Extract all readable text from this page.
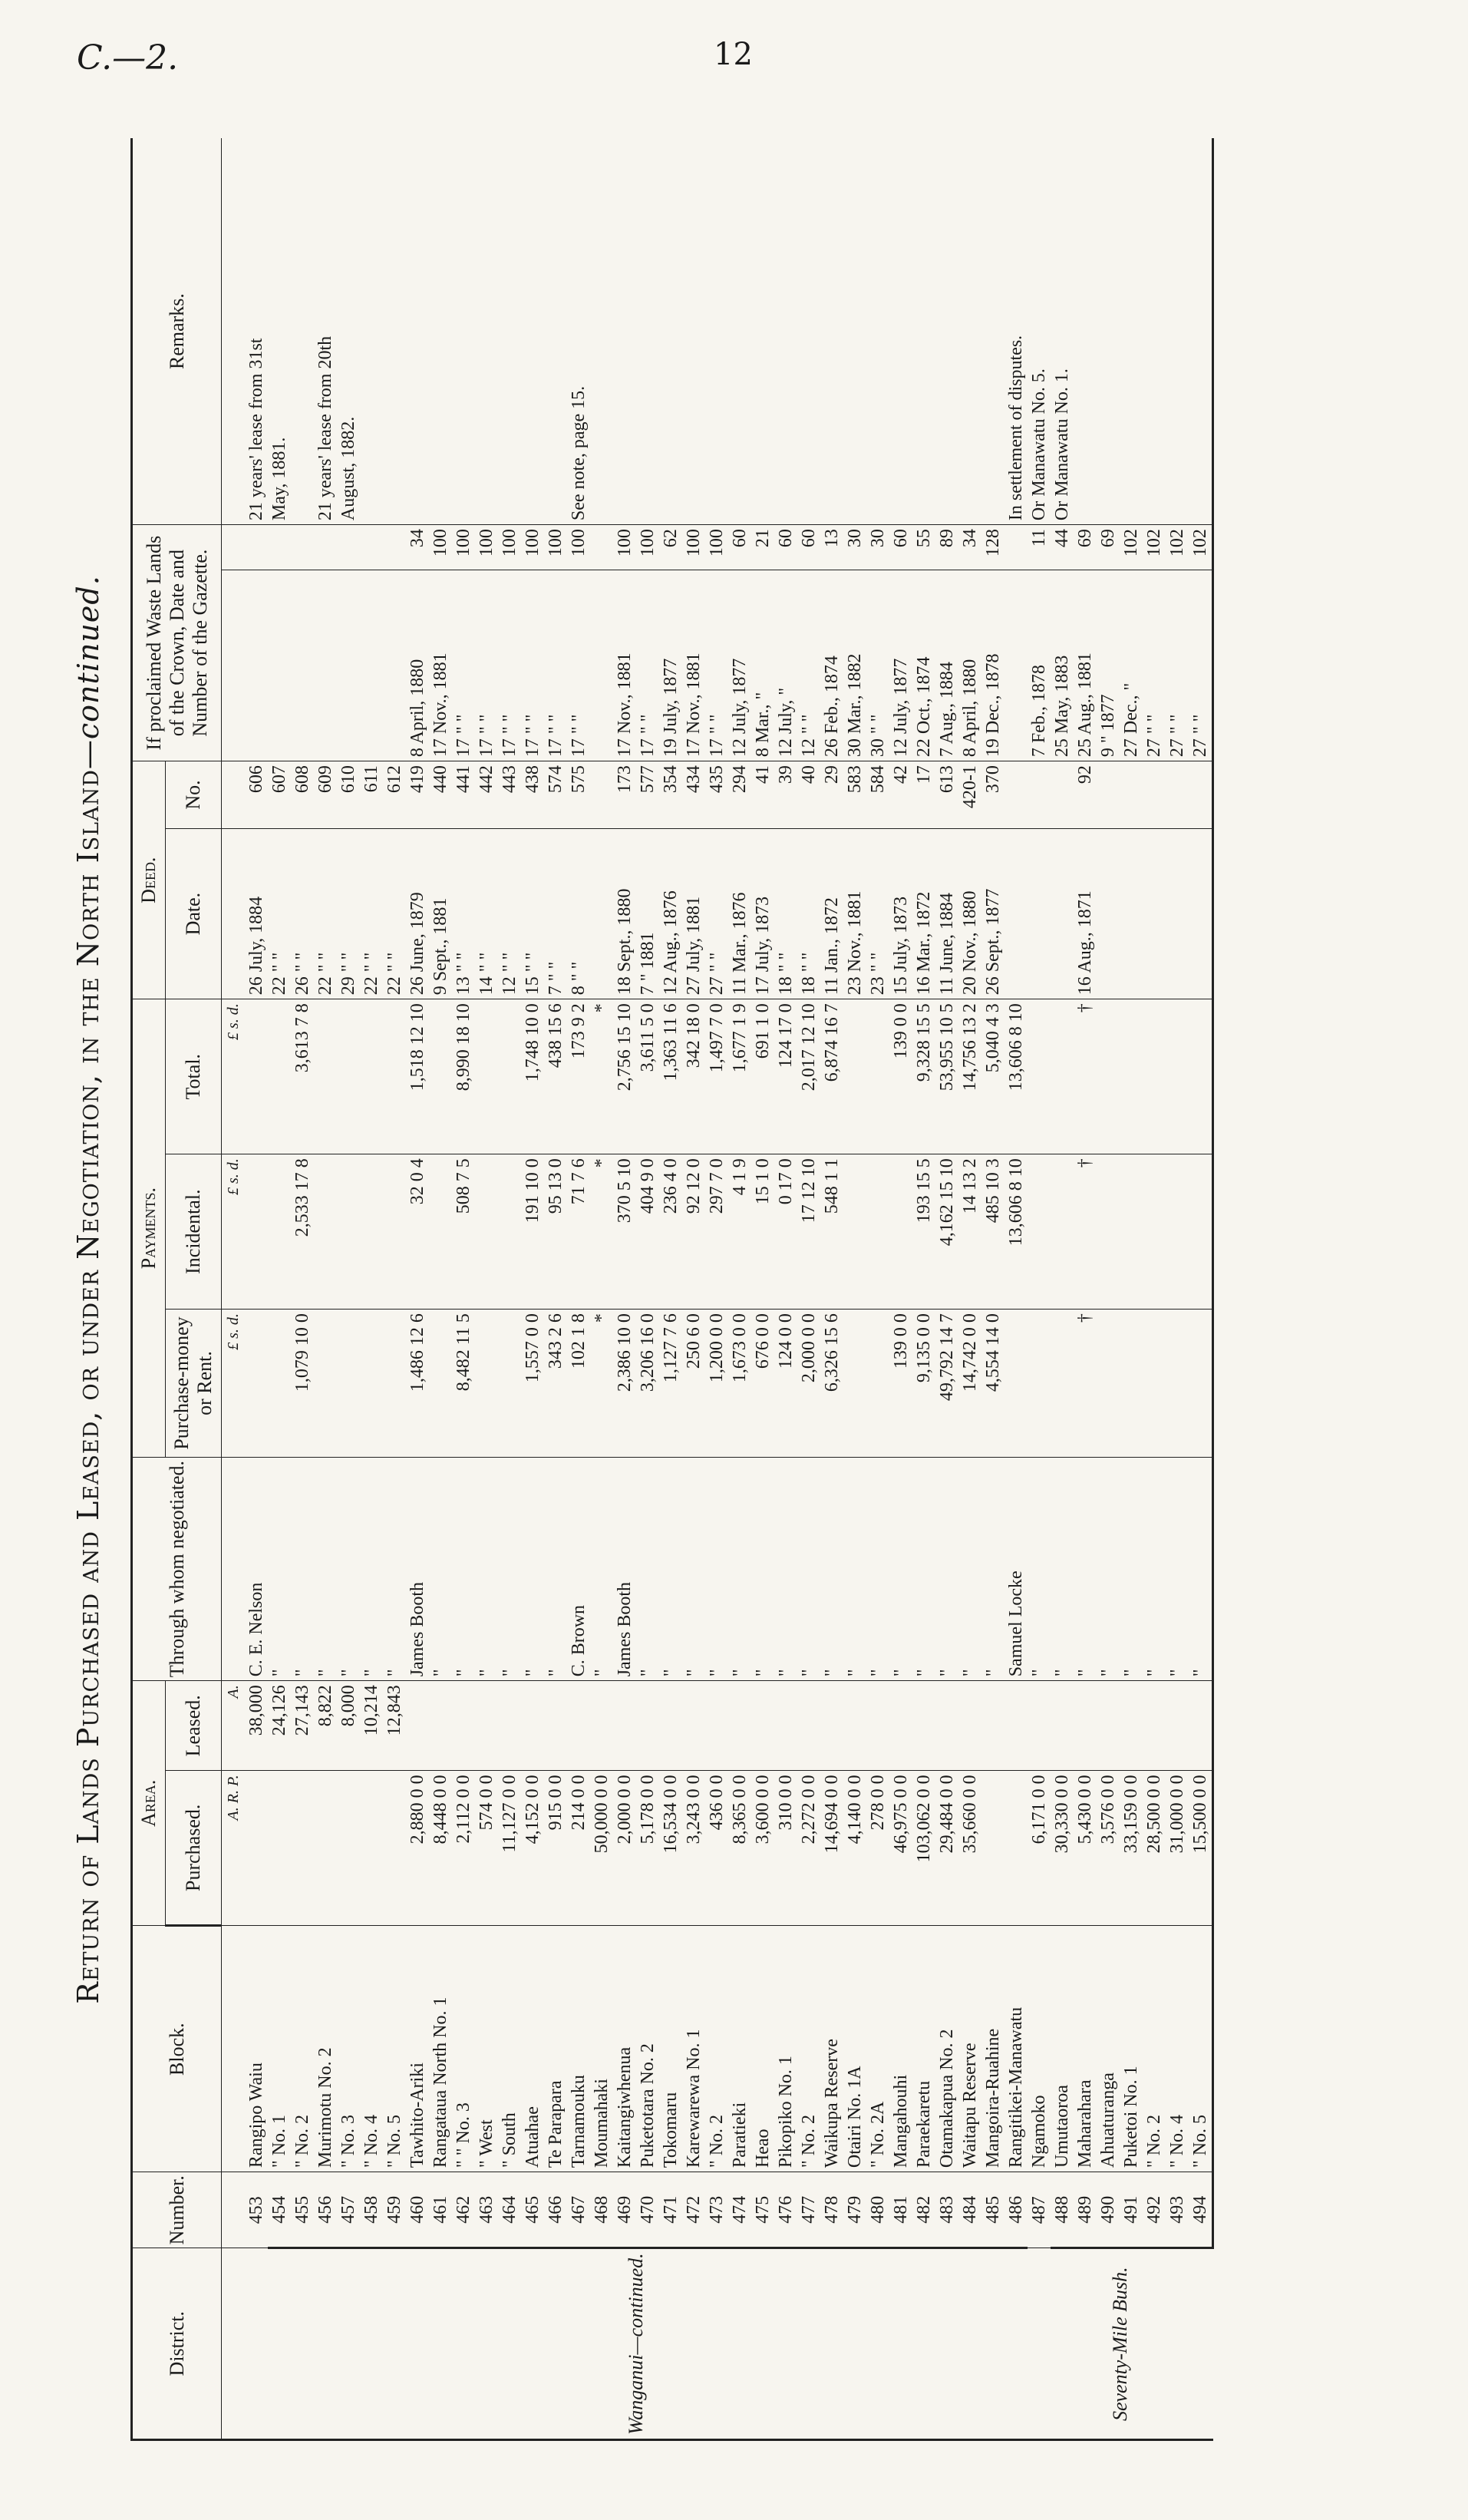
C.—2.	12
Return of Lands Purchased and Leased, or under Negotiation, in the North Island—continued.
District.	Number.	Block.	Area.		Through whom negotiated.	Payments.			Deed.		If proclaimed Waste Lands of the Crown, Date and Number of the Gazette.		Remarks.
			Purchased.	Leased.		Purchase-money or Rent.	Incidental.	Total.	Date.	No.			
			A. R. P.	A.		£ s. d.	£ s. d.	£ s. d.					
Wanganui—continued.	453	Rangipo Waiu		38,000	C. E. Nelson				26 July, 1884	606			21 years' lease from 31st
	454	" No. 1		24,126	"				22 " "	607			May, 1881.
	455	" No. 2		27,143	"	1,079 10 0	2,533 17 8	3,613 7 8	26 " "	608			
	456	Murimotu No. 2		8,822	"				22 " "	609			21 years' lease from 20th
	457	" No. 3		8,000	"				29 " "	610			August, 1882.
	458	" No. 4		10,214	"				22 " "	611			
	459	" No. 5		12,843	"				22 " "	612			
	460	Tawhito-Ariki	2,880 0 0		James Booth	1,486 12 6	32 0 4	1,518 12 10	26 June, 1879	419	8 April, 1880	34	
	461	Rangataua North No. 1	8,448 0 0		"				9 Sept., 1881	440	17 Nov., 1881	100	
	462	" " No. 3	2,112 0 0		"	8,482 11 5	508 7 5	8,990 18 10	13 " "	441	17 " "	100	
	463	" West	574 0 0		"				14 " "	442	17 " "	100	
	464	" South	11,127 0 0		"				12 " "	443	17 " "	100	
	465	Atuahae	4,152 0 0		"	1,557 0 0	191 10 0	1,748 10 0	15 " "	438	17 " "	100	
	466	Te Parapara	915 0 0		"	343 2 6	95 13 0	438 15 6	7 " "	574	17 " "	100	
	467	Tarnamouku	214 0 0		C. Brown	102 1 8	71 7 6	173 9 2	8 " "	575	17 " "	100	See note, page 15.
	468	Moumahaki	50,000 0 0		"	*	*	*					
	469	Kaitangiwhenua	2,000 0 0		James Booth	2,386 10 0	370 5 10	2,756 15 10	18 Sept., 1880	173	17 Nov., 1881	100	
	470	Puketotara No. 2	5,178 0 0		"	3,206 16 0	404 9 0	3,611 5 0	7 " 1881	577	17 " "	100	
	471	Tokomaru	16,534 0 0		"	1,127 7 6	236 4 0	1,363 11 6	12 Aug., 1876	354	19 July, 1877	62	
	472	Karewarewa No. 1	3,243 0 0		"	250 6 0	92 12 0	342 18 0	27 July, 1881	434	17 Nov., 1881	100	
	473	" No. 2	436 0 0		"	1,200 0 0	297 7 0	1,497 7 0	27 " "	435	17 " "	100	
	474	Paratieki	8,365 0 0		"	1,673 0 0	4 1 9	1,677 1 9	11 Mar., 1876	294	12 July, 1877	60	
	475	Heao	3,600 0 0		"	676 0 0	15 1 0	691 1 0	17 July, 1873	41	8 Mar., "	21	
	476	Pikopiko No. 1	310 0 0		"	124 0 0	0 17 0	124 17 0	18 " "	39	12 July, "	60	
	477	" No. 2	2,272 0 0		"	2,000 0 0	17 12 10	2,017 12 10	18 " "	40	12 " "	60	
	478	Waikupa Reserve	14,694 0 0		"	6,326 15 6	548 1 1	6,874 16 7	11 Jan., 1872	29	26 Feb., 1874	13	
	479	Otairi No. 1A	4,140 0 0		"				23 Nov., 1881	583	30 Mar., 1882	30	
	480	" No. 2A	278 0 0		"				23 " "	584	30 " "	30	
	481	Mangahouhi	46,975 0 0		"	139 0 0		139 0 0	15 July, 1873	42	12 July, 1877	60	
	482	Paraekaretu	103,062 0 0		"	9,135 0 0	193 15 5	9,328 15 5	16 Mar., 1872	17	22 Oct., 1874	55	
	483	Otamakapua No. 2	29,484 0 0		"	49,792 14 7	4,162 15 10	53,955 10 5	11 June, 1884	613	7 Aug., 1884	89	
	484	Waitapu Reserve	35,660 0 0		"	14,742 0 0	14 13 2	14,756 13 2	20 Nov., 1880	420-1	8 April, 1880	34	
	485	Mangoira-Ruahine			"	4,554 14 0	485 10 3	5,040 4 3	26 Sept., 1877	370	19 Dec., 1878	128	
	486	Rangitikei-Manawatu			Samuel Locke		13,606 8 10	13,606 8 10					In settlement of disputes.
Seventy-Mile Bush.	487	Ngamoko	6,171 0 0		"						7 Feb., 1878	11	Or Manawatu No. 5.
	488	Umutaoroa	30,330 0 0		"						25 May, 1883	44	Or Manawatu No. 1.
	489	Maharahara	5,430 0 0		"	†	†	†	16 Aug., 1871	92	25 Aug., 1881	69	
	490	Ahuaturanga	3,576 0 0		"						9 " 1877	69	
	491	Puketoi No. 1	33,159 0 0		"						27 Dec., "	102	
	492	" No. 2	28,500 0 0		"						27 " "	102	
	493	" No. 4	31,000 0 0		"						27 " "	102	
	494	" No. 5	15,500 0 0		"						27 " "	102	
